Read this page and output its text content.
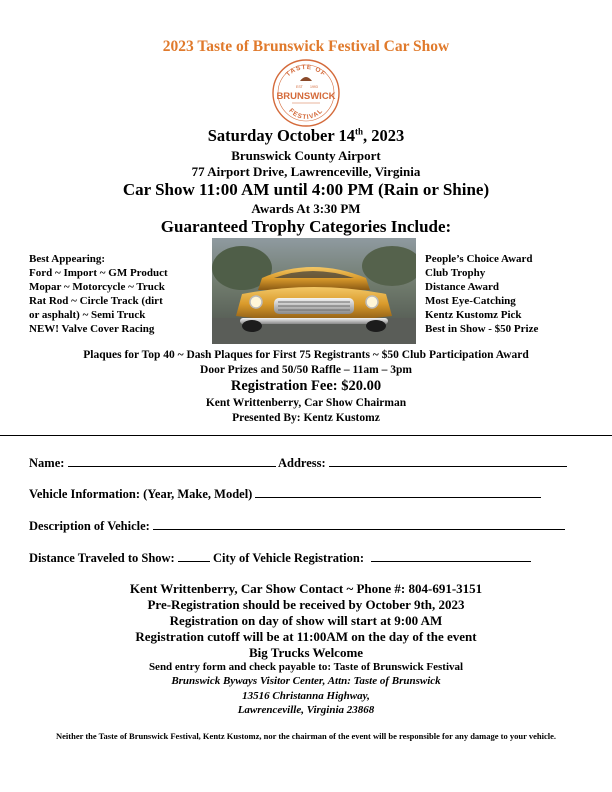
2023 Taste of Brunswick Festival Car Show
TASTE OF
EST 1993
BRUNSWICK
FESTIVAL
Saturday October 14th, 2023
Brunswick County Airport
77 Airport Drive, Lawrenceville, Virginia
Car Show 11:00 AM until 4:00 PM (Rain or Shine)
Awards At 3:30 PM
Guaranteed Trophy Categories Include:
Best Appearing:
Ford ~ Import ~ GM Product
Mopar ~ Motorcycle ~ Truck
Rat Rod ~ Circle Track (dirt
or asphalt) ~ Semi Truck
NEW! Valve Cover Racing
People’s Choice Award
Club Trophy
Distance Award
Most Eye-Catching
Kentz Kustomz Pick
Best in Show - $50 Prize
Plaques for Top 40 ~ Dash Plaques for First 75 Registrants ~ $50 Club Participation Award
Door Prizes and 50/50 Raffle – 11am – 3pm
Registration Fee: $20.00
Kent Writtenberry, Car Show Chairman
Presented By: Kentz Kustomz
Name:	Address:
Vehicle Information: (Year, Make, Model)
Description of Vehicle:
Distance Traveled to Show:	City of Vehicle Registration:
Kent Writtenberry, Car Show Contact ~ Phone #: 804-691-3151
Pre-Registration should be received by October 9th, 2023
Registration on day of show will start at 9:00 AM
Registration cutoff will be at 11:00AM on the day of the event
Big Trucks Welcome
Send entry form and check payable to: Taste of Brunswick Festival
Brunswick Byways Visitor Center, Attn: Taste of Brunswick
13516 Christanna Highway,
Lawrenceville, Virginia 23868
Neither the Taste of Brunswick Festival, Kentz Kustomz, nor the chairman of the event will be responsible for any damage to your vehicle.
